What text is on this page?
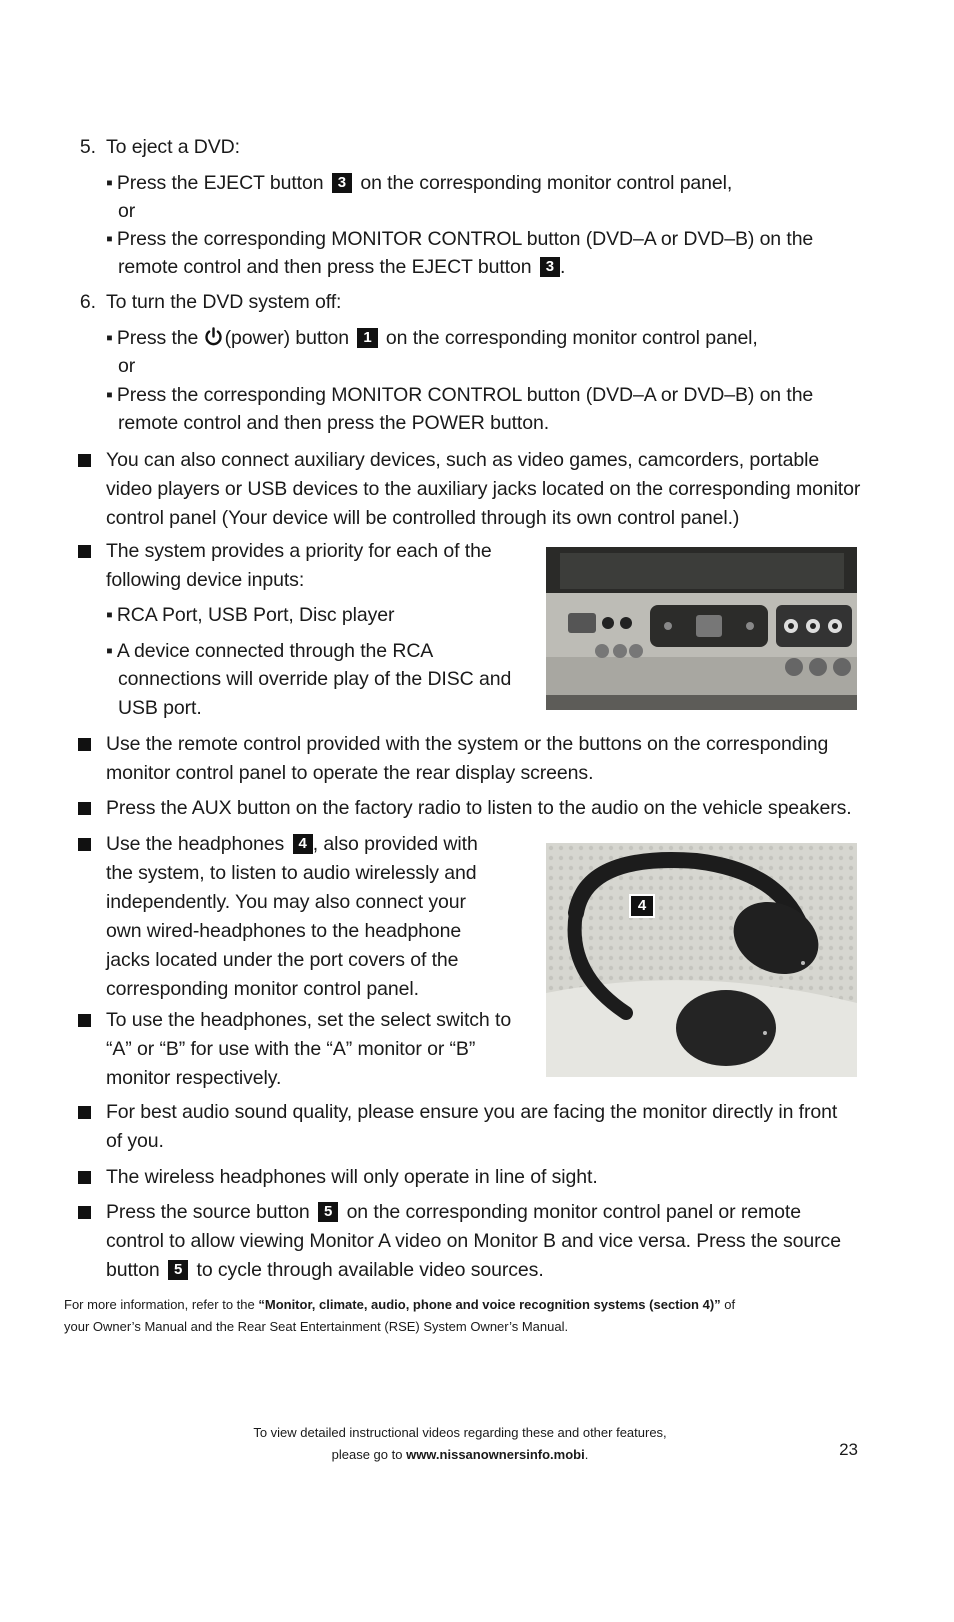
5. To eject a DVD:
▪ Press the EJECT button 3 on the corresponding monitor control panel,
or
▪ Press the corresponding MONITOR CONTROL button (DVD–A or DVD–B) on the
remote control and then press the EJECT button 3 .
6. To turn the DVD system off:
▪ Press the (power) button 1 on the corresponding monitor control panel,
or
▪ Press the corresponding MONITOR CONTROL button (DVD–A or DVD–B) on the
remote control and then press the POWER button.
You can also connect auxiliary devices, such as video games, camcorders, portable
video players or USB devices to the auxiliary jacks located on the corresponding monitor
control panel (Your device will be controlled through its own control panel.)
The system provides a priority for each of the
following device inputs:
▪ RCA Port, USB Port, Disc player
▪ A device connected through the RCA
connections will override play of the DISC and
USB port.
Use the remote control provided with the system or the buttons on the corresponding
monitor control panel to operate the rear display screens.
Press the AUX button on the factory radio to listen to the audio on the vehicle speakers.
Use the headphones 4 , also provided with
the system, to listen to audio wirelessly and
independently. You may also connect your
own wired-headphones to the headphone
jacks located under the port covers of the
corresponding monitor control panel.
To use the headphones, set the select switch to
“A” or “B” for use with the “A” monitor or “B”
monitor respectively.
4
For best audio sound quality, please ensure you are facing the monitor directly in front
of you.
The wireless headphones will only operate in line of sight.
Press the source button 5 on the corresponding monitor control panel or remote
control to allow viewing Monitor A video on Monitor B and vice versa. Press the source
button 5 to cycle through available video sources.
For more information, refer to the “Monitor, climate, audio, phone and voice recognition systems (section 4)” of
your Owner’s Manual and the Rear Seat Entertainment (RSE) System Owner’s Manual.
To view detailed instructional videos regarding these and other features,
please go to www.nissanownersinfo.mobi.	23
